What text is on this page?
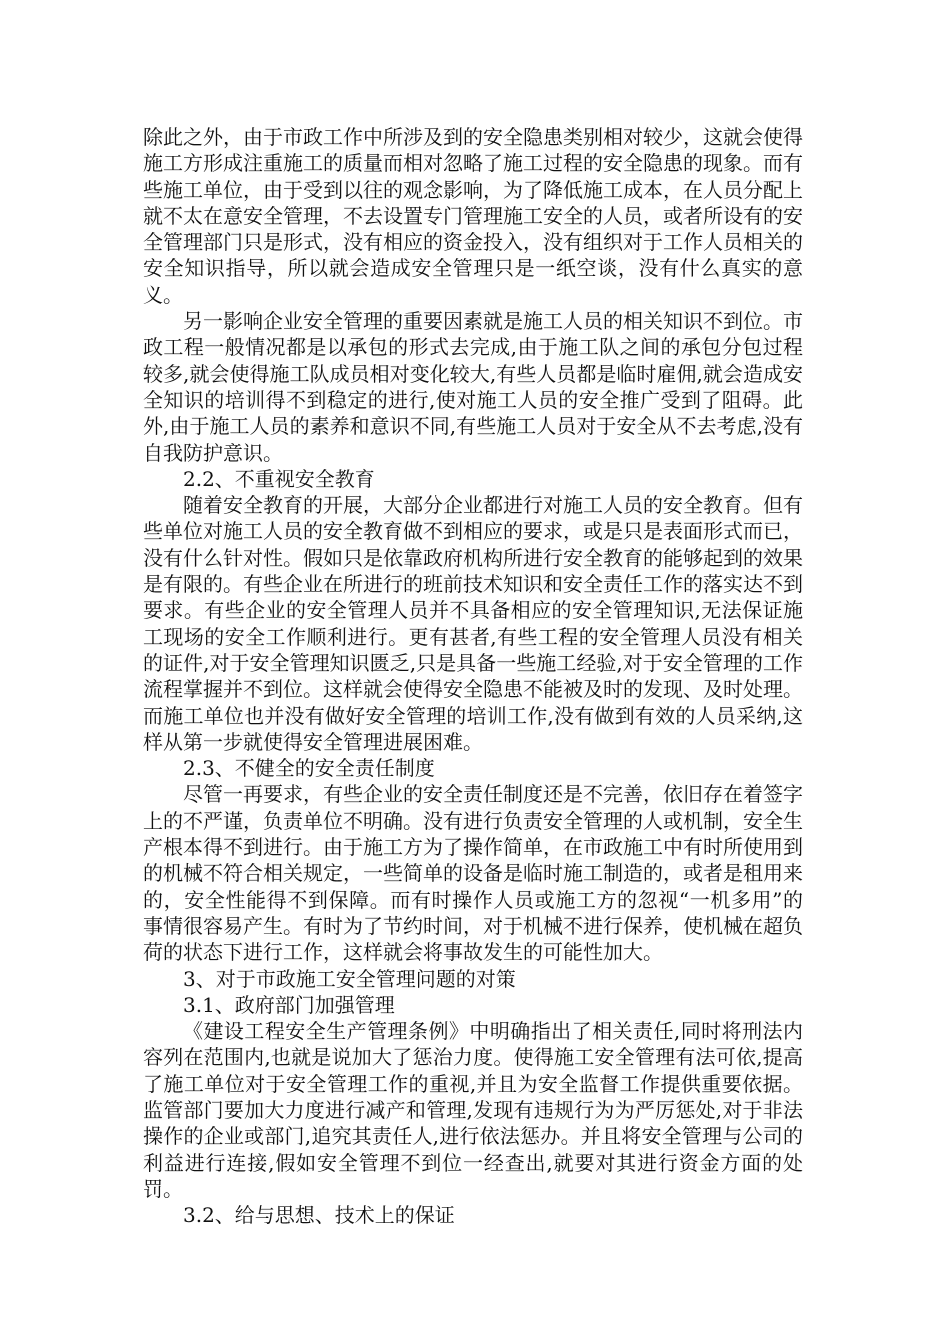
除此之外，由于市政工作中所涉及到的安全隐患类别相对较少，这就会使得施工方形成注重施工的质量而相对忽略了施工过程的安全隐患的现象。而有些施工单位，由于受到以往的观念影响，为了降低施工成本，在人员分配上就不太在意安全管理，不去设置专门管理施工安全的人员，或者所设有的安全管理部门只是形式，没有相应的资金投入，没有组织对于工作人员相关的安全知识指导，所以就会造成安全管理只是一纸空谈，没有什么真实的意义。

另一影响企业安全管理的重要因素就是施工人员的相关知识不到位。市政工程一般情况都是以承包的形式去完成,由于施工队之间的承包分包过程较多,就会使得施工队成员相对变化较大,有些人员都是临时雇佣,就会造成安全知识的培训得不到稳定的进行,使对施工人员的安全推广受到了阻碍。此外,由于施工人员的素养和意识不同,有些施工人员对于安全从不去考虑,没有自我防护意识。

2.2、不重视安全教育

随着安全教育的开展，大部分企业都进行对施工人员的安全教育。但有些单位对施工人员的安全教育做不到相应的要求，或是只是表面形式而已，没有什么针对性。假如只是依靠政府机构所进行安全教育的能够起到的效果是有限的。有些企业在所进行的班前技术知识和安全责任工作的落实达不到要求。有些企业的安全管理人员并不具备相应的安全管理知识,无法保证施工现场的安全工作顺利进行。更有甚者,有些工程的安全管理人员没有相关的证件,对于安全管理知识匮乏,只是具备一些施工经验,对于安全管理的工作流程掌握并不到位。这样就会使得安全隐患不能被及时的发现、及时处理。而施工单位也并没有做好安全管理的培训工作,没有做到有效的人员采纳,这样从第一步就使得安全管理进展困难。

2.3、不健全的安全责任制度

尽管一再要求，有些企业的安全责任制度还是不完善，依旧存在着签字上的不严谨，负责单位不明确。没有进行负责安全管理的人或机制，安全生产根本得不到进行。由于施工方为了操作简单，在市政施工中有时所使用到的机械不符合相关规定，一些简单的设备是临时施工制造的，或者是租用来的，安全性能得不到保障。而有时操作人员或施工方的忽视“一机多用”的事情很容易产生。有时为了节约时间，对于机械不进行保养，使机械在超负荷的状态下进行工作，这样就会将事故发生的可能性加大。

3、对于市政施工安全管理问题的对策

3.1、政府部门加强管理

《建设工程安全生产管理条例》中明确指出了相关责任,同时将刑法内容列在范围内,也就是说加大了惩治力度。使得施工安全管理有法可依,提高了施工单位对于安全管理工作的重视,并且为安全监督工作提供重要依据。监管部门要加大力度进行减产和管理,发现有违规行为为严厉惩处,对于非法操作的企业或部门,追究其责任人,进行依法惩办。并且将安全管理与公司的利益进行连接,假如安全管理不到位一经查出,就要对其进行资金方面的处罚。

3.2、给与思想、技术上的保证
